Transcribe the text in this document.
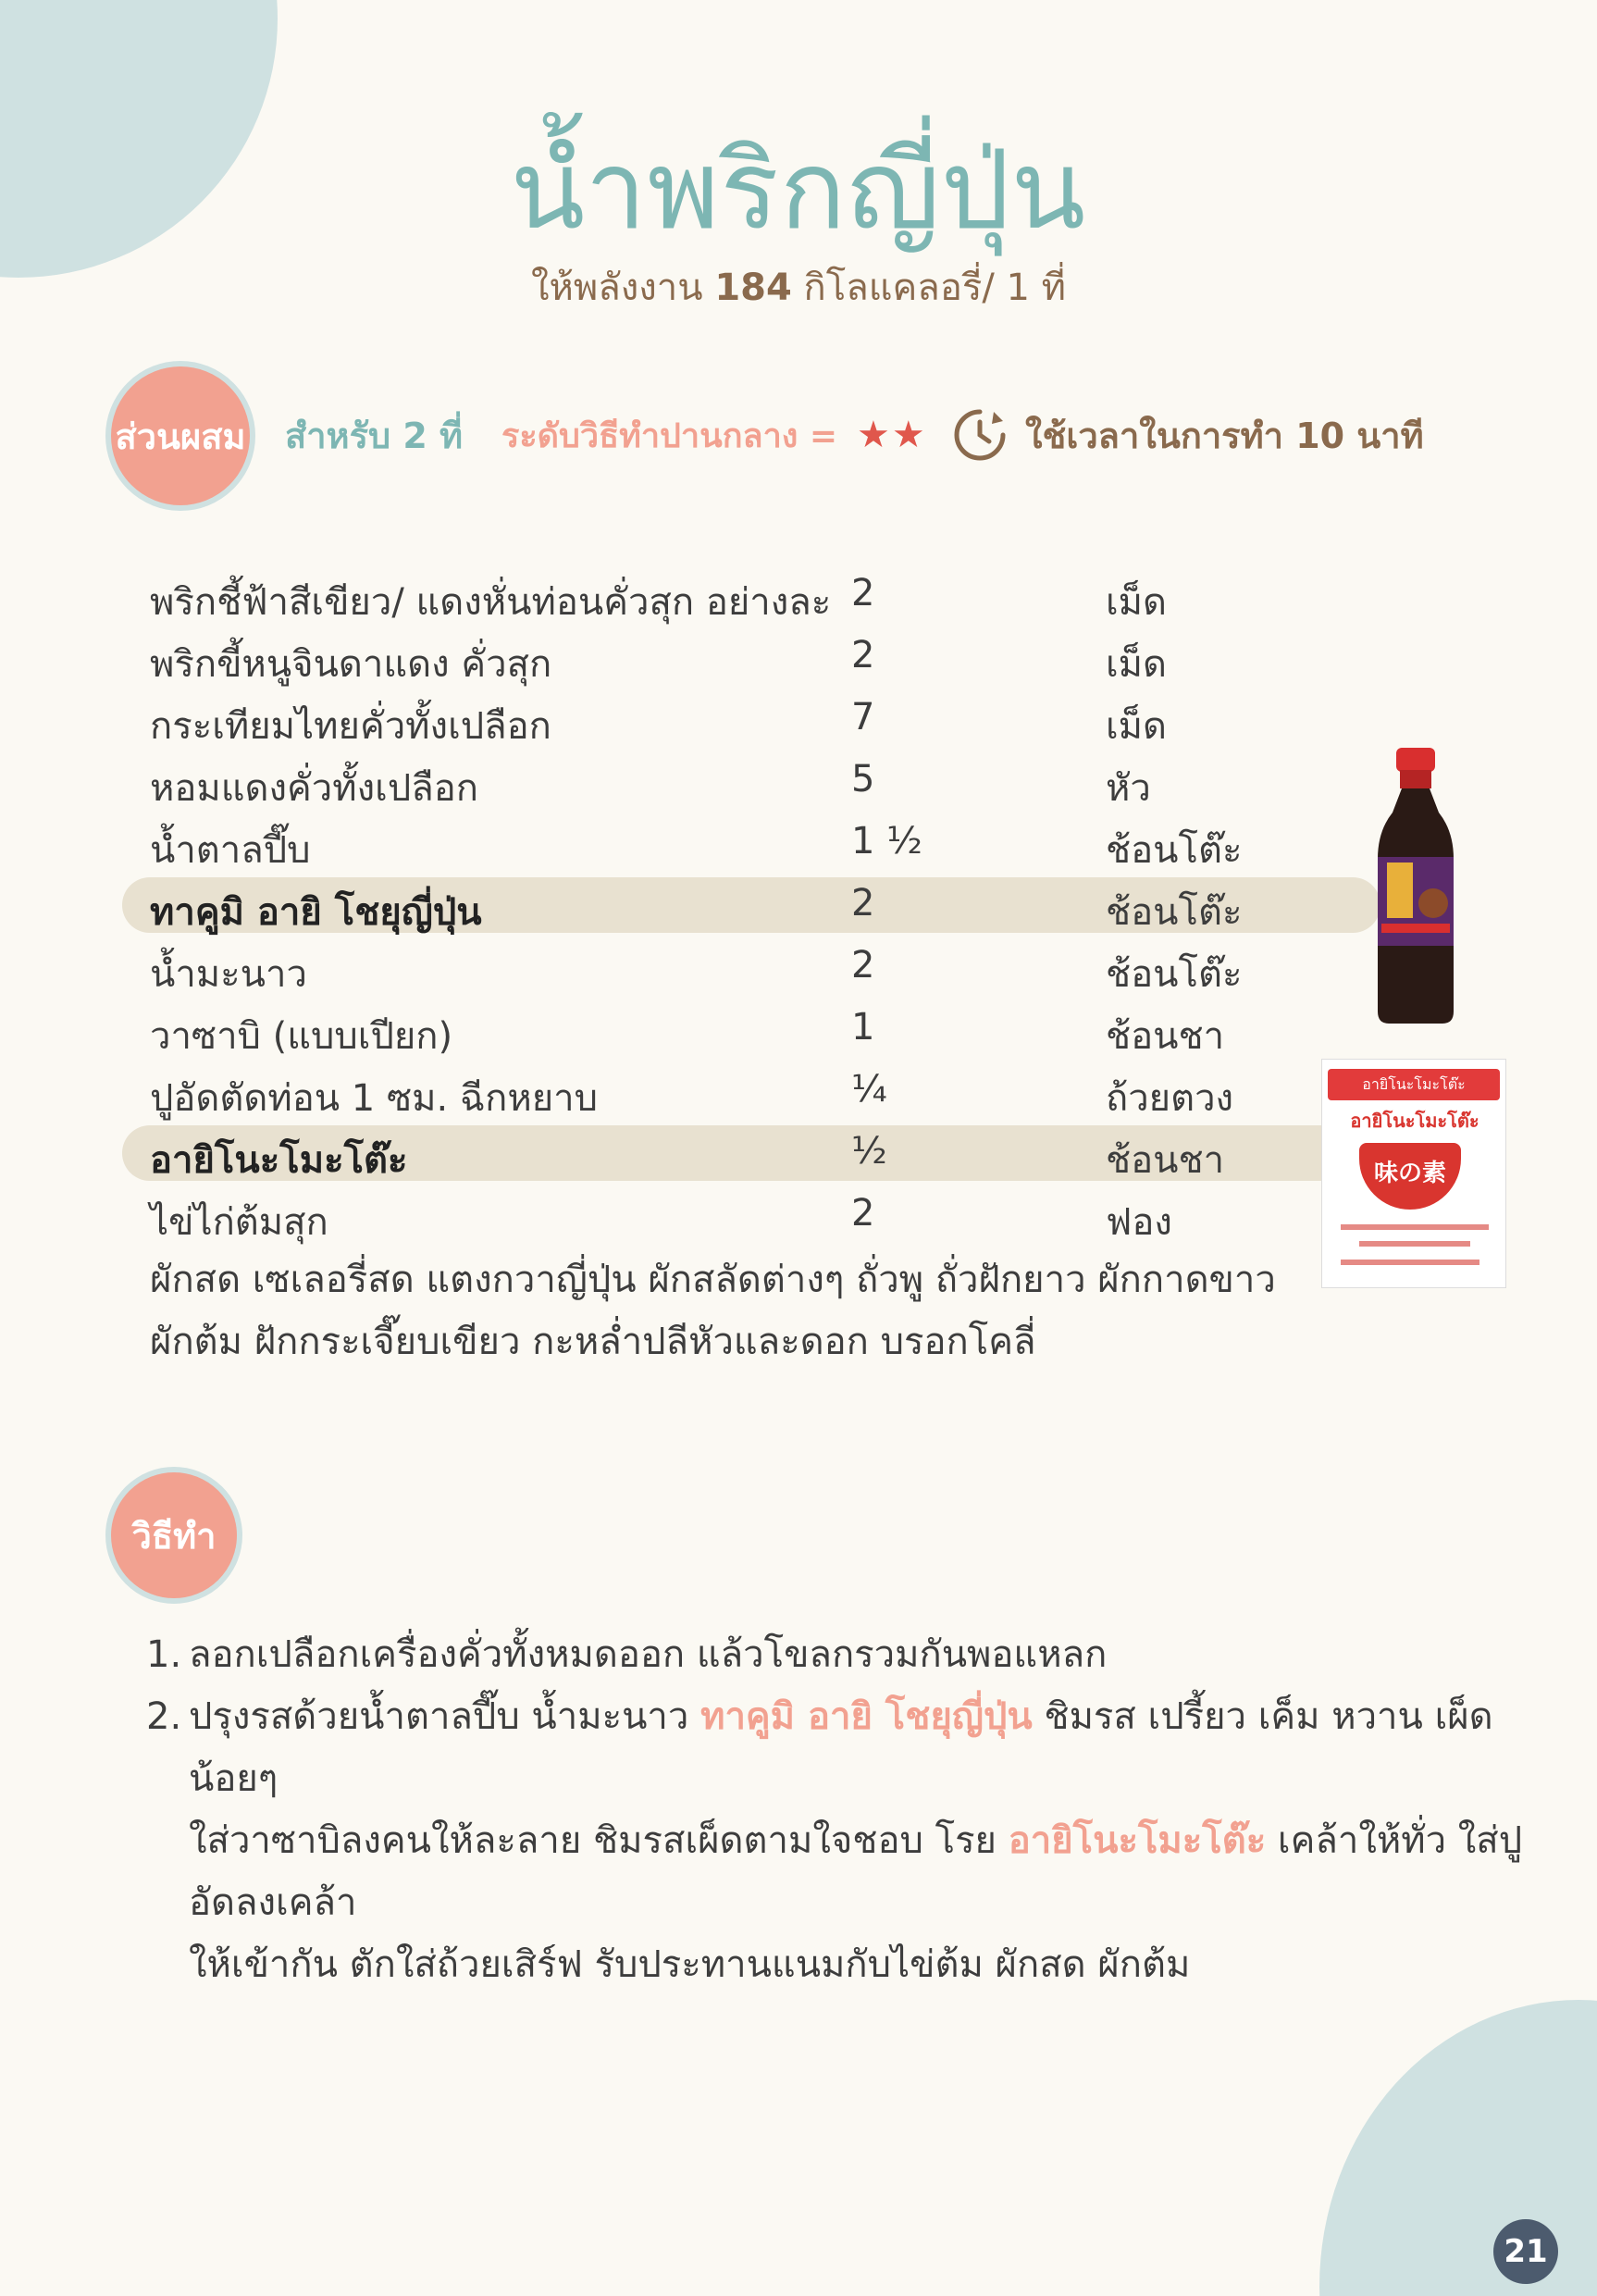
น้ำพริกญี่ปุ่น
ให้พลังงาน 184 กิโลแคลอรี่/ 1 ที่
ส่วนผสม สำหรับ 2 ที่ ระดับวิธีทำปานกลาง = ★★	ใช้เวลาในการทำ 10 นาที
พริกชี้ฟ้าสีเขียว/ แดงหั่นท่อนคั่วสุก อย่างละ 2	เม็ด
พริกขี้หนูจินดาแดง คั่วสุก	2	เม็ด
กระเทียมไทยคั่วทั้งเปลือก	7	เม็ด
หอมแดงคั่วทั้งเปลือก	5	หัว
น้ำตาลปี๊บ	1 ½	ช้อนโต๊ะ
ทาคูมิ อายิ โชยุญี่ปุ่น	2	ช้อนโต๊ะ
น้ำมะนาว	2	ช้อนโต๊ะ
วาซาบิ (แบบเปียก)	1	ช้อนชา
ปูอัดตัดท่อน 1 ซม. ฉีกหยาบ	¼	ถ้วยตวง
อายิโนะโมะโต๊ะ	½	ช้อนชา
ไข่ไก่ต้มสุก	2	ฟอง
ผักสด เซเลอรี่สด แตงกวาญี่ปุ่น ผักสลัดต่างๆ ถั่วพู ถั่วฝักยาว ผักกาดขาว
ผักต้ม ฝักกระเจี๊ยบเขียว กะหล่ำปลีหัวและดอก บรอกโคลี่
อายิโนะโมะโต๊ะ
อายิโนะโมะโต๊ะ
味の素
วิธีทำ
1. ลอกเปลือกเครื่องคั่วทั้งหมดออก แล้วโขลกรวมกันพอแหลก
2. ปรุงรสด้วยน้ำตาลปี๊บ น้ำมะนาว ทาคูมิ อายิ โชยุญี่ปุ่น ชิมรส เปรี้ยว เค็ม หวาน เผ็ดน้อยๆ
ใส่วาซาบิลงคนให้ละลาย ชิมรสเผ็ดตามใจชอบ โรย อายิโนะโมะโต๊ะ เคล้าให้ทั่ว ใส่ปูอัดลงเคล้า
ให้เข้ากัน ตักใส่ถ้วยเสิร์ฟ รับประทานแนมกับไข่ต้ม ผักสด ผักต้ม
21
